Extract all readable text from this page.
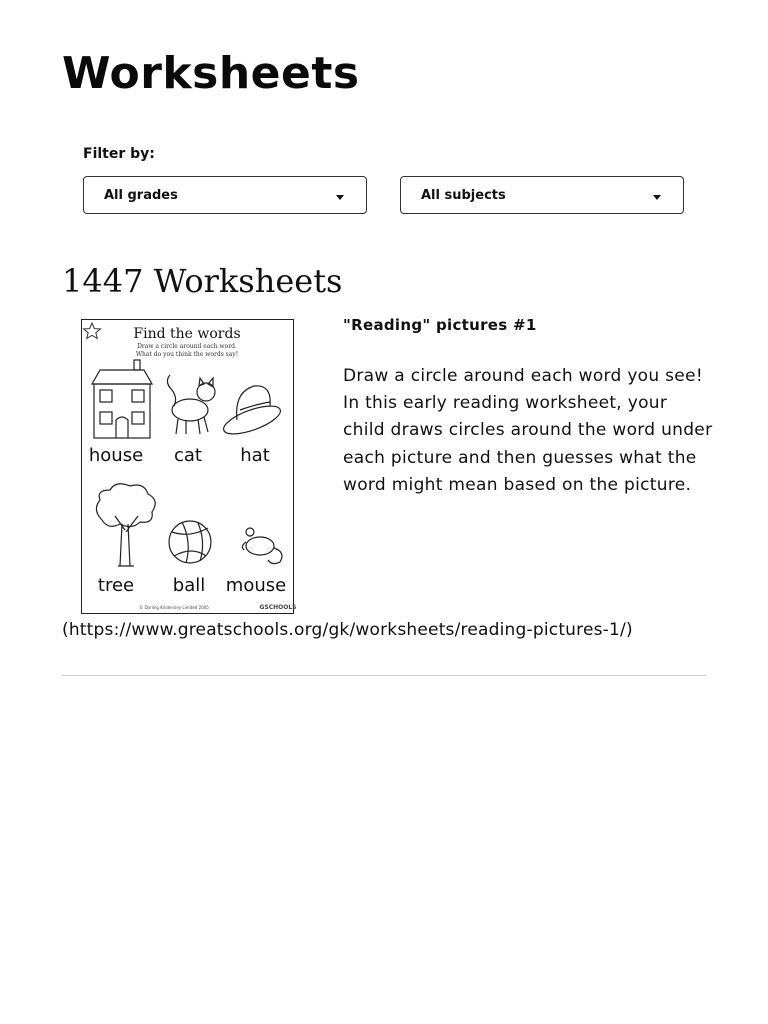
Worksheets
Filter by:
All grades	All subjects
1447 Worksheets
Find the words
Draw a circle around each word.
What do you think the words say!
house cat hat
tree ball mouse
© Dorling Kindersley Limited 2005	GSCHOOLS
"Reading" pictures #1
Draw a circle around each word you see! In this early reading worksheet, your child draws circles around the word under each picture and then guesses what the word might mean based on the picture.
(https://www.greatschools.org/gk/worksheets/reading-pictures-1/)
